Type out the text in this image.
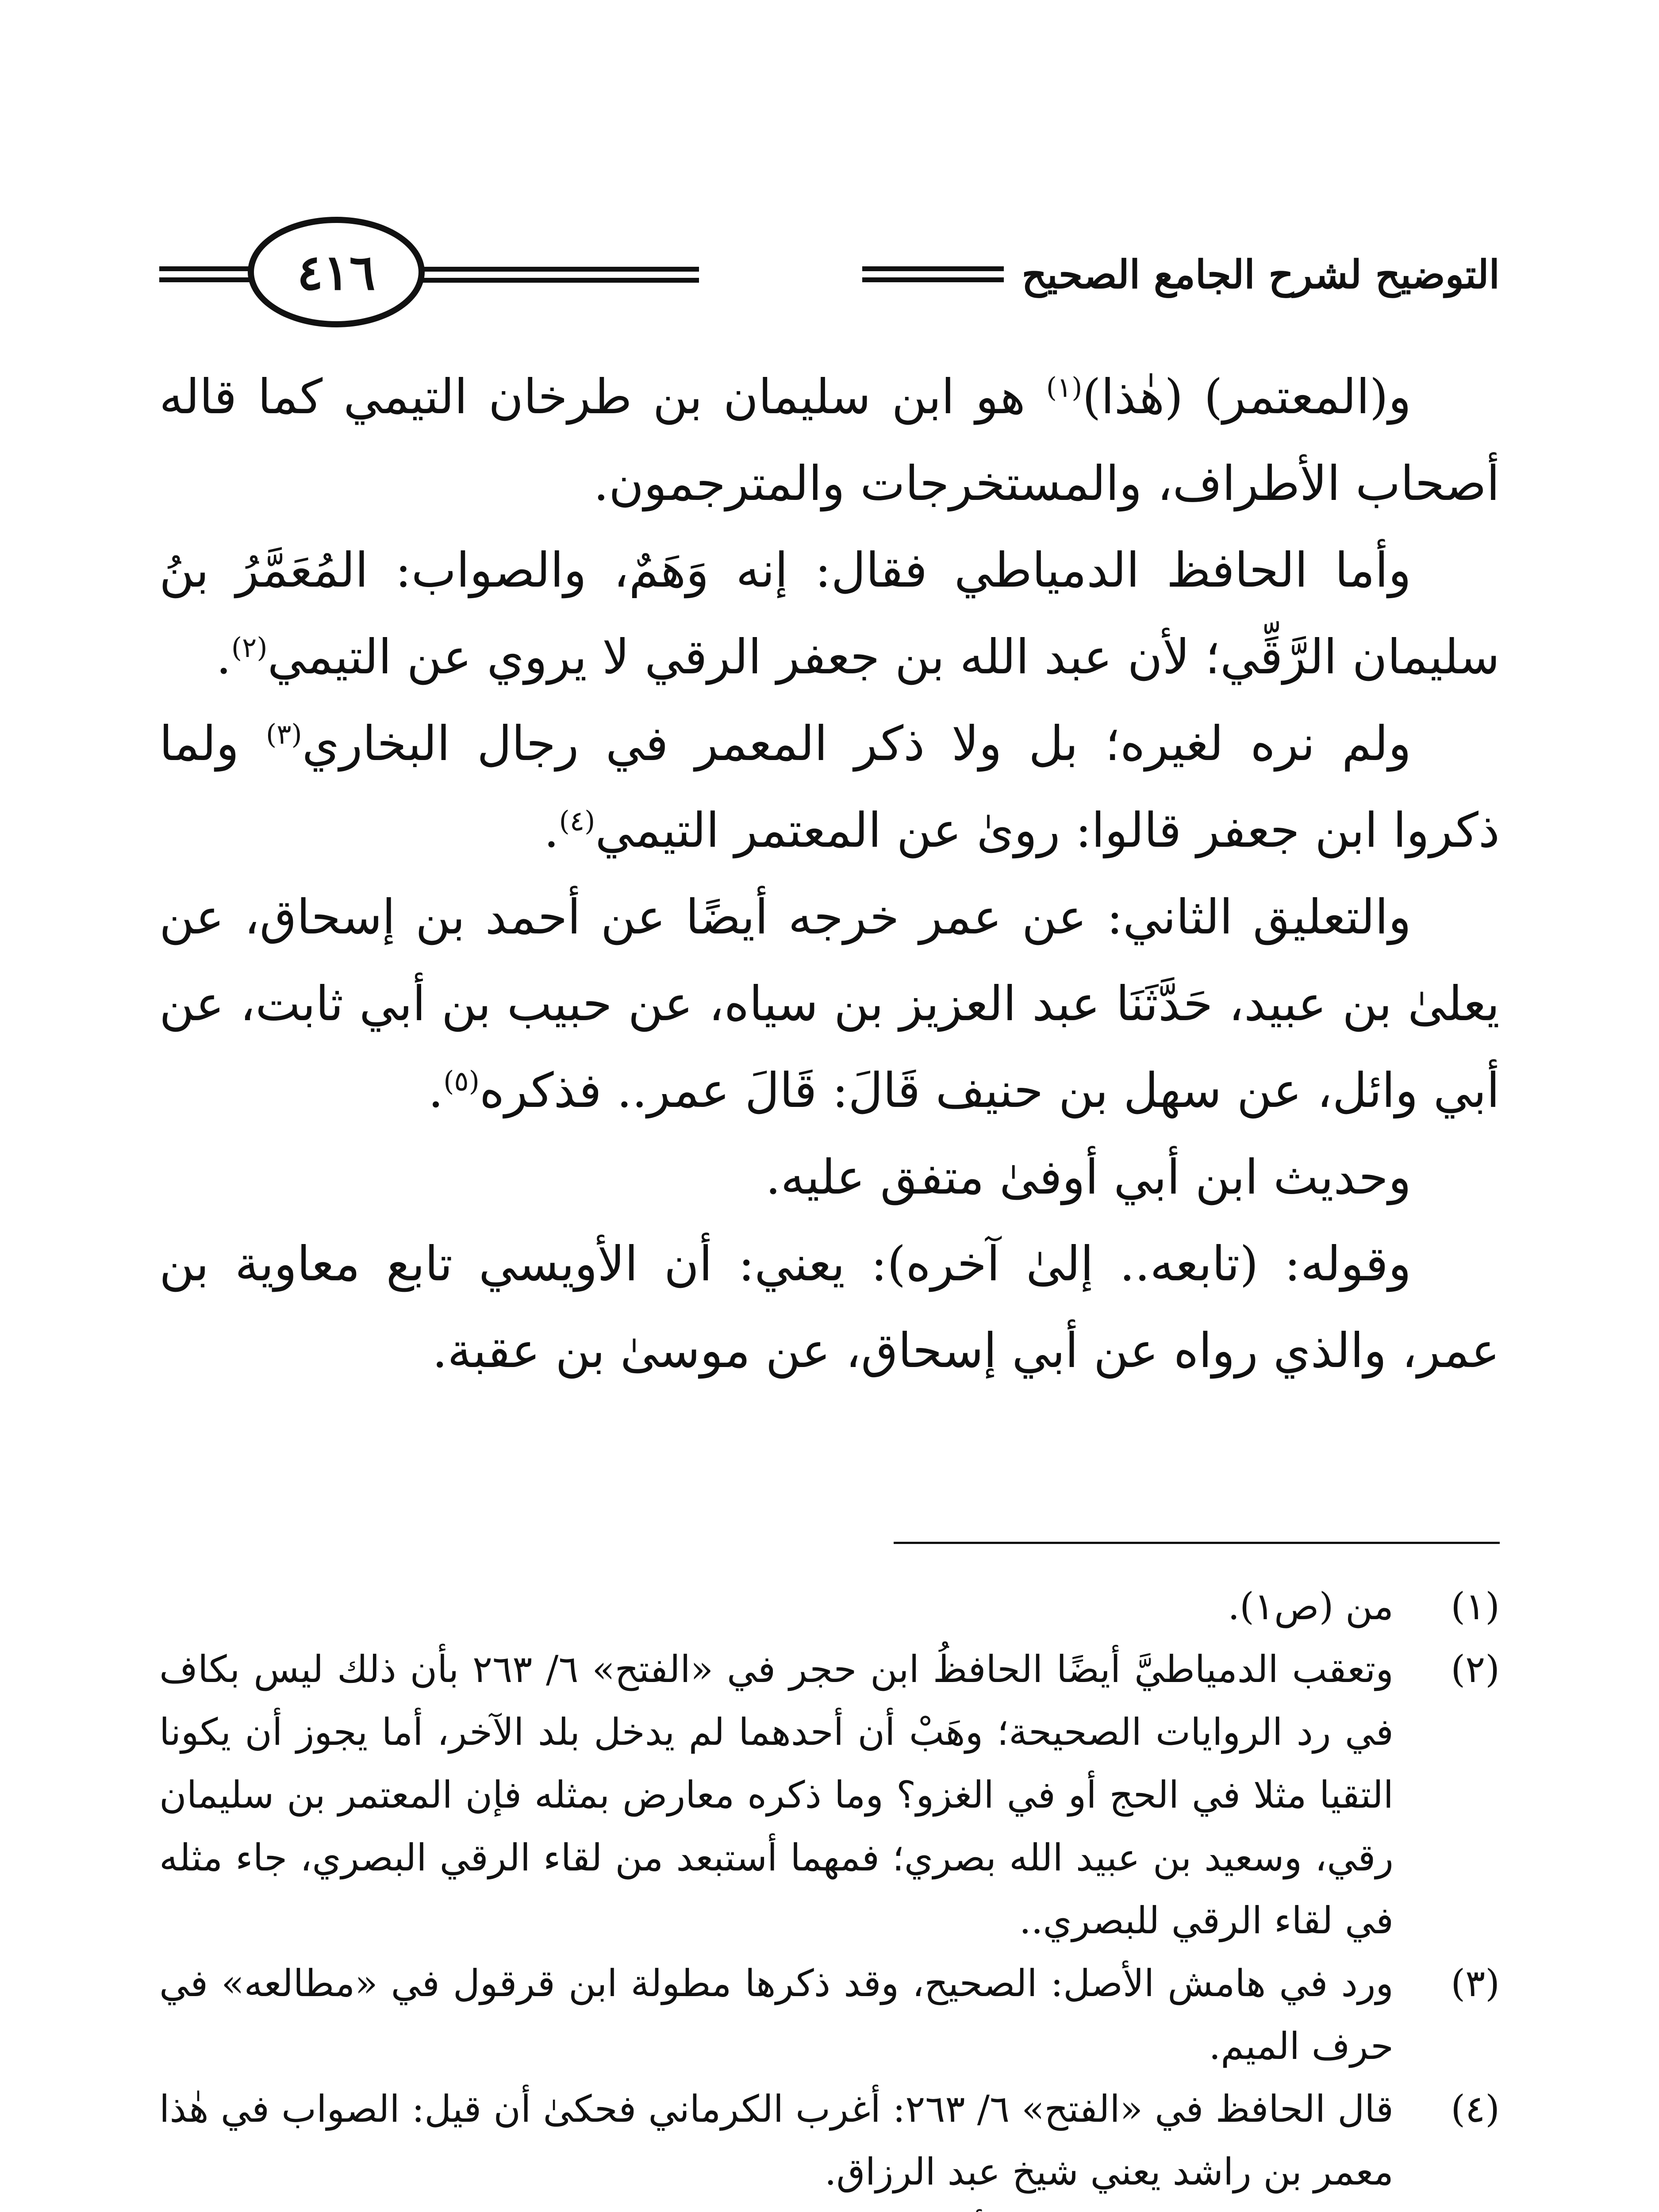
التوضيح لشرح الجامع الصحيح
٤١٦

و(المعتمر) (هٰذا)$^{(١)}$ هو ابن سليمان بن طرخان التيمي كما قاله أصحاب الأطراف، والمستخرجات والمترجمون.

وأما الحافظ الدمياطي فقال: إنه وَهَمٌ، والصواب: المُعَمَّرُ بنُ سليمان الرَّقِّي؛ لأن عبد الله بن جعفر الرقي لا يروي عن التيمي$^{(٢)}$.

ولم نره لغيره؛ بل ولا ذكر المعمر في رجال البخاري$^{(٣)}$ ولما ذكروا ابن جعفر قالوا: روىٰ عن المعتمر التيمي$^{(٤)}$.

والتعليق الثاني: عن عمر خرجه أيضًا عن أحمد بن إسحاق، عن يعلىٰ بن عبيد، حَدَّثَنَا عبد العزيز بن سياه، عن حبيب بن أبي ثابت، عن أبي وائل، عن سهل بن حنيف قَالَ: قَالَ عمر.. فذكره$^{(٥)}$.

وحديث ابن أبي أوفىٰ متفق عليه.

وقوله: (تابعه.. إلىٰ آخره): يعني: أن الأويسي تابع معاوية بن عمر، والذي رواه عن أبي إسحاق، عن موسىٰ بن عقبة.

(١)
من (ص١).
(٢)
وتعقب الدمياطيَّ أيضًا الحافظُ ابن حجر في «الفتح» ٦/ ٢٦٣ بأن ذلك ليس بكاف في رد الروايات الصحيحة؛ وهَبْ أن أحدهما لم يدخل بلد الآخر، أما يجوز أن يكونا التقيا مثلا في الحج أو في الغزو؟ وما ذكره معارض بمثله فإن المعتمر بن سليمان رقي، وسعيد بن عبيد الله بصري؛ فمهما أستبعد من لقاء الرقي البصري، جاء مثله في لقاء الرقي للبصري..
(٣)
ورد في هامش الأصل: الصحيح، وقد ذكرها مطولة ابن قرقول في «مطالعه» في حرف الميم.
(٤)
قال الحافظ في «الفتح» ٦/ ٢٦٣: أغرب الكرماني فحكىٰ أن قيل: الصواب في هٰذا معمر بن راشد يعني شيخ عبد الرزاق.
